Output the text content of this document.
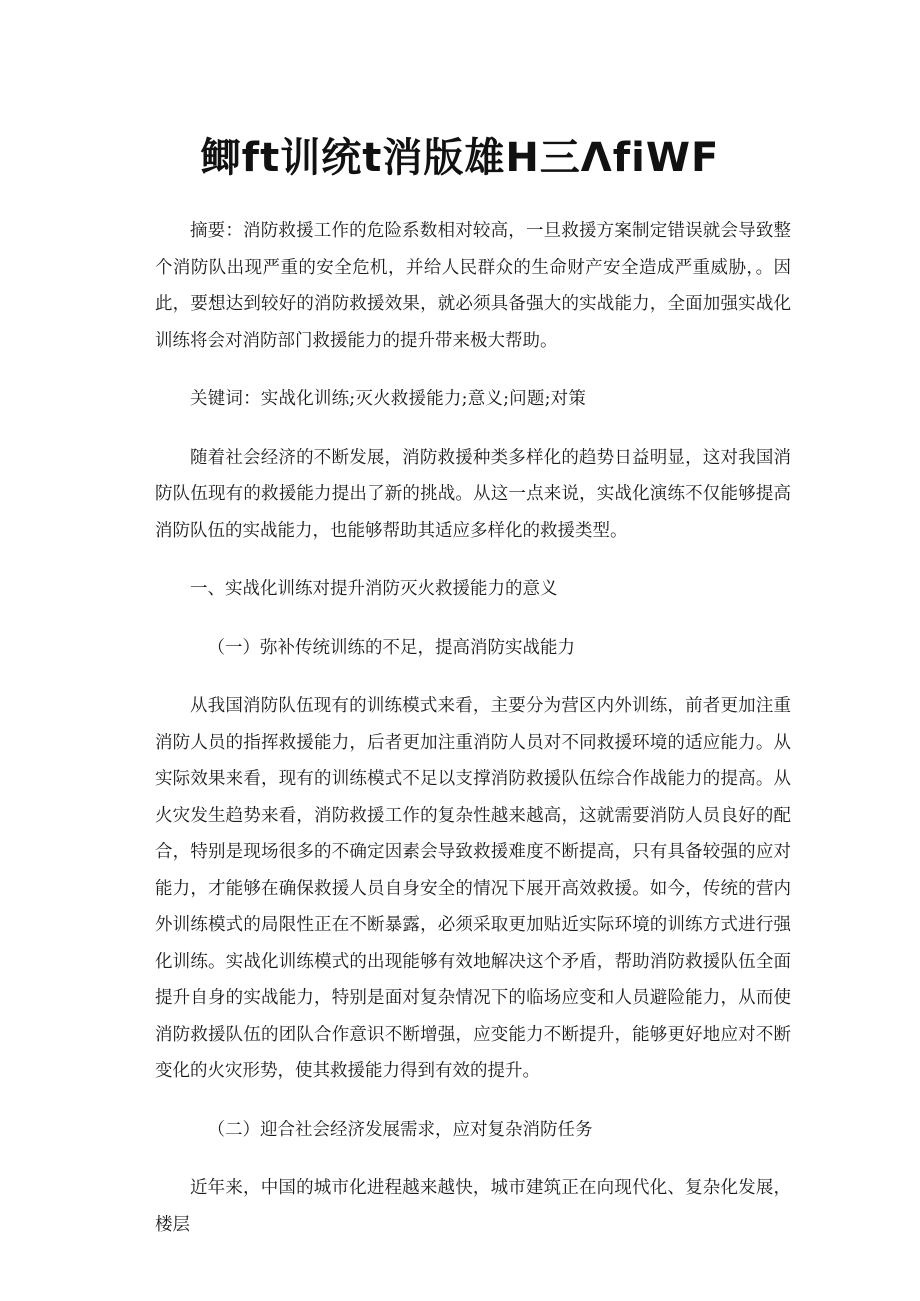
鲫ft训统t消版雄H三ΛfiWF

摘要：消防救援工作的危险系数相对较高，一旦救援方案制定错误就会导致整个消防队出现严重的安全危机，并给人民群众的生命财产安全造成严重威胁，。因此，要想达到较好的消防救援效果，就必须具备强大的实战能力，全面加强实战化训练将会对消防部门救援能力的提升带来极大帮助。

关键词：实战化训练;灭火救援能力;意义;问题;对策

随着社会经济的不断发展，消防救援种类多样化的趋势日益明显，这对我国消防队伍现有的救援能力提出了新的挑战。从这一点来说，实战化演练不仅能够提高消防队伍的实战能力，也能够帮助其适应多样化的救援类型。

一、实战化训练对提升消防灭火救援能力的意义

（一）弥补传统训练的不足，提高消防实战能力

从我国消防队伍现有的训练模式来看，主要分为营区内外训练，前者更加注重消防人员的指挥救援能力，后者更加注重消防人员对不同救援环境的适应能力。从实际效果来看，现有的训练模式不足以支撑消防救援队伍综合作战能力的提高。从火灾发生趋势来看，消防救援工作的复杂性越来越高，这就需要消防人员良好的配合，特别是现场很多的不确定因素会导致救援难度不断提高，只有具备较强的应对能力，才能够在确保救援人员自身安全的情况下展开高效救援。如今，传统的营内外训练模式的局限性正在不断暴露，必须采取更加贴近实际环境的训练方式进行强化训练。实战化训练模式的出现能够有效地解决这个矛盾，帮助消防救援队伍全面提升自身的实战能力，特别是面对复杂情况下的临场应变和人员避险能力，从而使消防救援队伍的团队合作意识不断增强，应变能力不断提升，能够更好地应对不断变化的火灾形势，使其救援能力得到有效的提升。

（二）迎合社会经济发展需求，应对复杂消防任务

近年来，中国的城市化进程越来越快，城市建筑正在向现代化、复杂化发展，楼层
